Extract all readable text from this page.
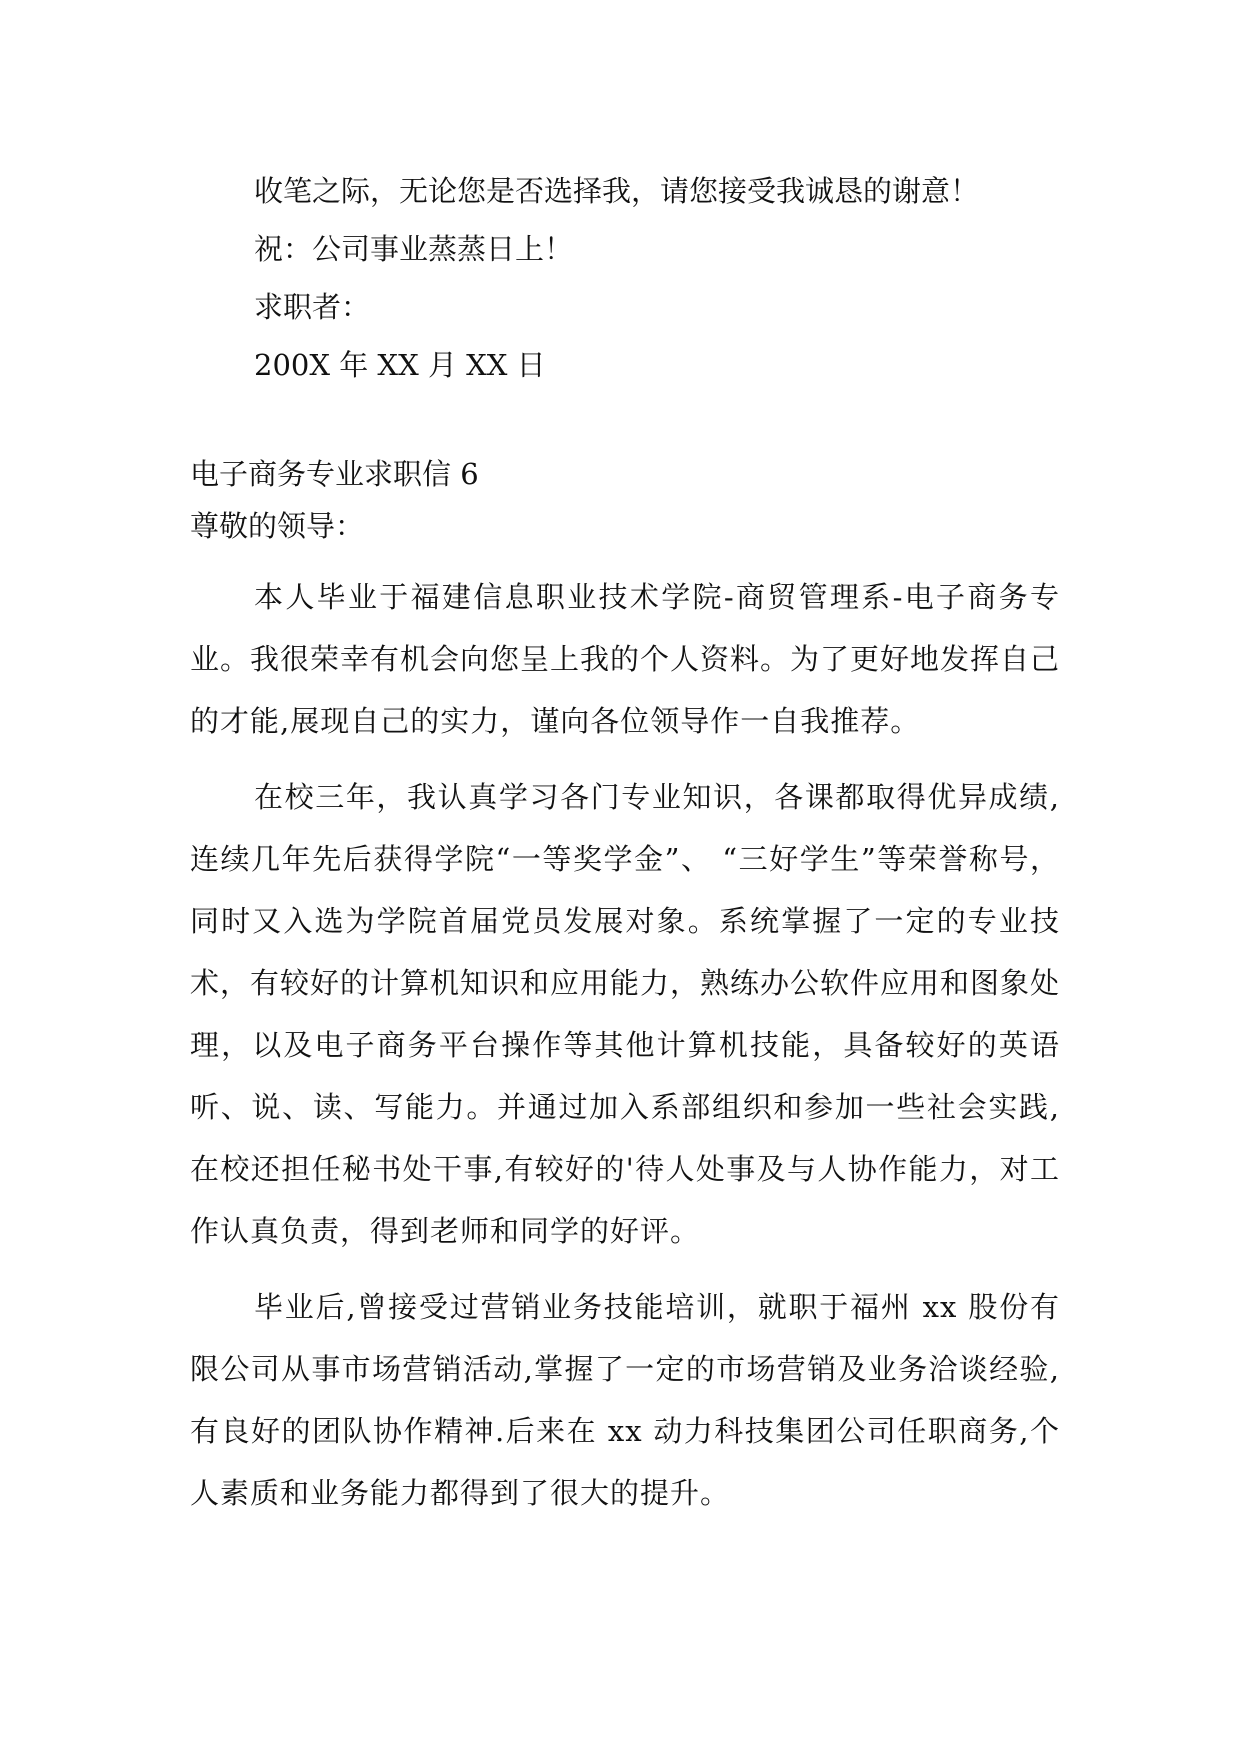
收笔之际，无论您是否选择我，请您接受我诚恳的谢意！

祝：公司事业蒸蒸日上！

求职者：

200X 年 XX 月 XX 日

电子商务专业求职信 6

尊敬的领导：

本人毕业于福建信息职业技术学院-商贸管理系-电子商务专业。我很荣幸有机会向您呈上我的个人资料。为了更好地发挥自己的才能,展现自己的实力，谨向各位领导作一自我推荐。

在校三年，我认真学习各门专业知识，各课都取得优异成绩,连续几年先后获得学院“一等奖学金”、 “三好学生”等荣誉称号，同时又入选为学院首届党员发展对象。系统掌握了一定的专业技术，有较好的计算机知识和应用能力，熟练办公软件应用和图象处理，以及电子商务平台操作等其他计算机技能，具备较好的英语听、说、读、写能力。并通过加入系部组织和参加一些社会实践,在校还担任秘书处干事,有较好的'待人处事及与人协作能力，对工作认真负责，得到老师和同学的好评。

毕业后,曾接受过营销业务技能培训，就职于福州 xx 股份有限公司从事市场营销活动,掌握了一定的市场营销及业务洽谈经验,有良好的团队协作精神.后来在 xx 动力科技集团公司任职商务,个人素质和业务能力都得到了很大的提升。
